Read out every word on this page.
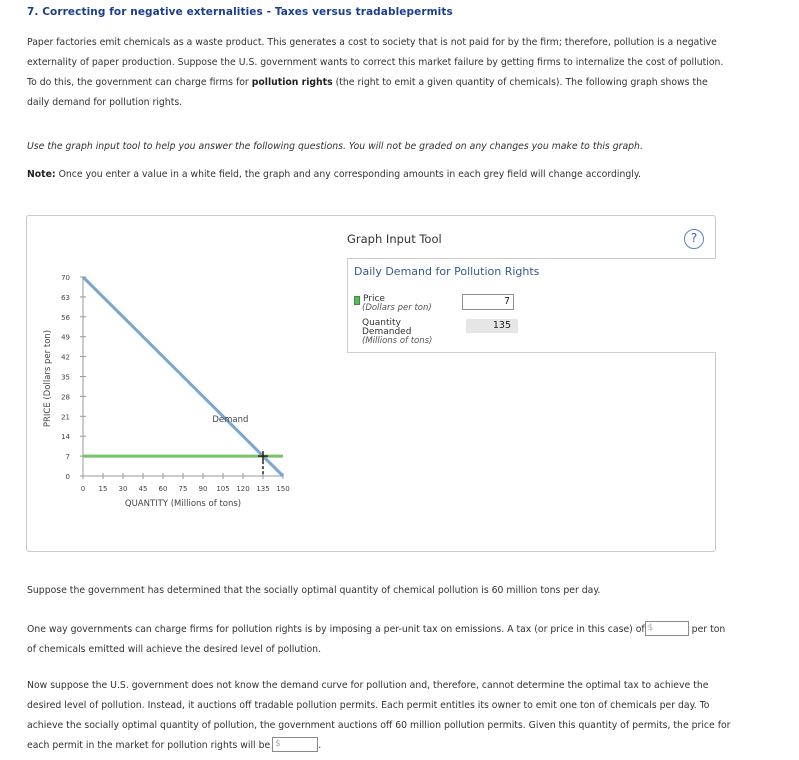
7. Correcting for negative externalities - Taxes versus tradablepermits
Paper factories emit chemicals as a waste product. This generates a cost to society that is not paid for by the firm; therefore, pollution is a negative
externality of paper production. Suppose the U.S. government wants to correct this market failure by getting firms to internalize the cost of pollution.
To do this, the government can charge firms for pollution rights (the right to emit a given quantity of chemicals). The following graph shows the
daily demand for pollution rights.
Use the graph input tool to help you answer the following questions. You will not be graded on any changes you make to this graph.
Note: Once you enter a value in a white field, the graph and any corresponding amounts in each grey field will change accordingly.
0
7
14
21
28
35
42
49
56
63
70
0 15 30 45 60 75 90 105 120 135 150
QUANTITY (Millions of tons)
PRICE (Dollars per ton)	Demand
Graph Input Tool	?
Daily Demand for Pollution Rights
Price
(Dollars per ton)
7
Quantity
Demanded
(Millions of tons)
135
Suppose the government has determined that the socially optimal quantity of chemical pollution is 60 million tons per day.
One way governments can charge firms for pollution rights is by imposing a per-unit tax on emissions. A tax (or price in this case) of $	per ton
of chemicals emitted will achieve the desired level of pollution.
Now suppose the U.S. government does not know the demand curve for pollution and, therefore, cannot determine the optimal tax to achieve the
desired level of pollution. Instead, it auctions off tradable pollution permits. Each permit entitles its owner to emit one ton of chemicals per day. To
achieve the socially optimal quantity of pollution, the government auctions off 60 million pollution permits. Given this quantity of permits, the price for
each permit in the market for pollution rights will be $	.
